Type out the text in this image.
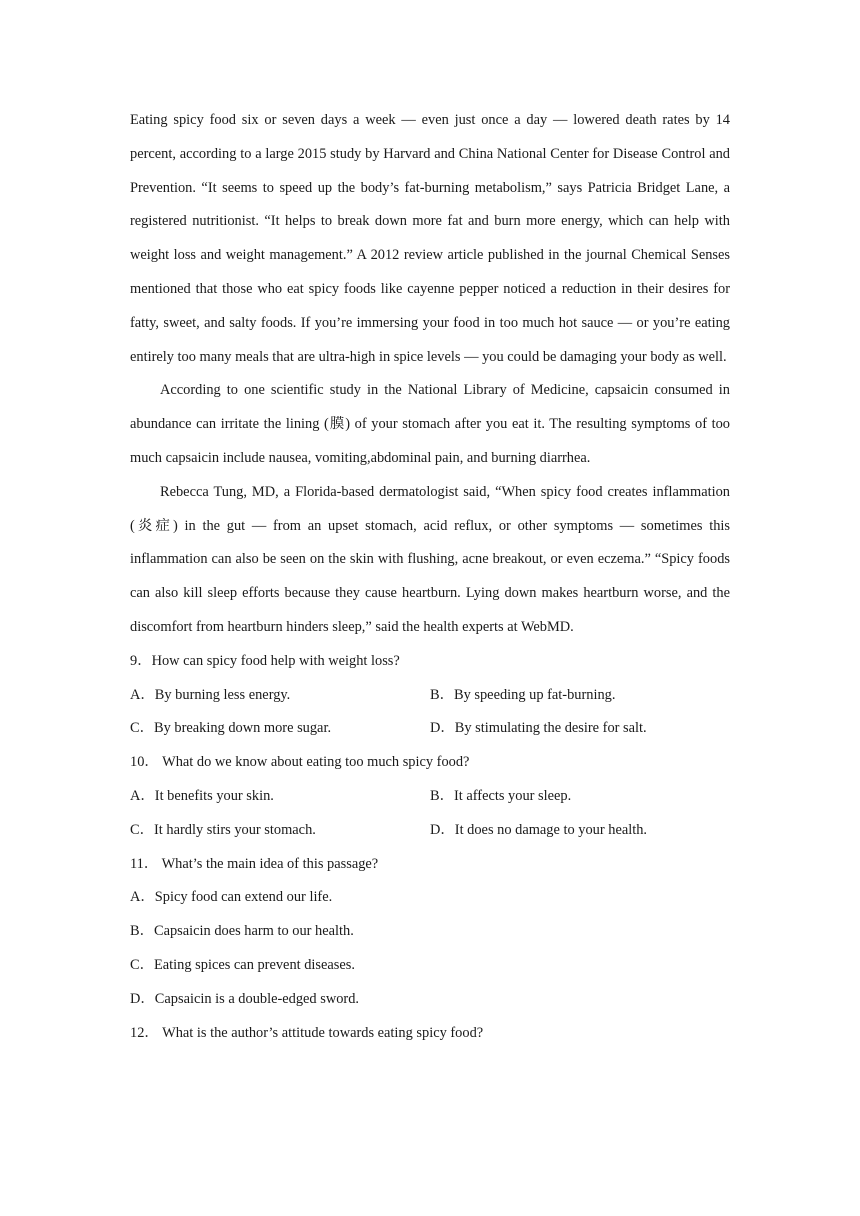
Eating spicy food six or seven days a week — even just once a day — lowered death rates by 14 percent, according to a large 2015 study by Harvard and China National Center for Disease Control and Prevention. “It seems to speed up the body’s fat-burning metabolism,” says Patricia Bridget Lane, a registered nutritionist. “It helps to break down more fat and burn more energy, which can help with weight loss and weight management.” A 2012 review article published in the journal Chemical Senses mentioned that those who eat spicy foods like cayenne pepper noticed a reduction in their desires for fatty, sweet, and salty foods. If you’re immersing your food in too much hot sauce — or you’re eating entirely too many meals that are ultra-high in spice levels — you could be damaging your body as well.

According to one scientific study in the National Library of Medicine, capsaicin consumed in abundance can irritate the lining (膜) of your stomach after you eat it. The resulting symptoms of too much capsaicin include nausea, vomiting,abdominal pain, and burning diarrhea.

Rebecca Tung, MD, a Florida-based dermatologist said, “When spicy food creates inflammation (炎症) in the gut — from an upset stomach, acid reflux, or other symptoms — sometimes this inflammation can also be seen on the skin with flushing, acne breakout, or even eczema.” “Spicy foods can also kill sleep efforts because they cause heartburn. Lying down makes heartburn worse, and the discomfort from heartburn hinders sleep,” said the health experts at WebMD.

9．How can spicy food help with weight loss?

A．By burning less energy.	B．By speeding up fat-burning.
C．By breaking down more sugar.	D．By stimulating the desire for salt.

10． What do we know about eating too much spicy food?

A．It benefits your skin.	B．It affects your sleep.
C．It hardly stirs your stomach.	D．It does no damage to your health.

11． What’s the main idea of this passage?

A．Spicy food can extend our life.

B．Capsaicin does harm to our health.

C．Eating spices can prevent diseases.

D．Capsaicin is a double-edged sword.

12． What is the author’s attitude towards eating spicy food?
